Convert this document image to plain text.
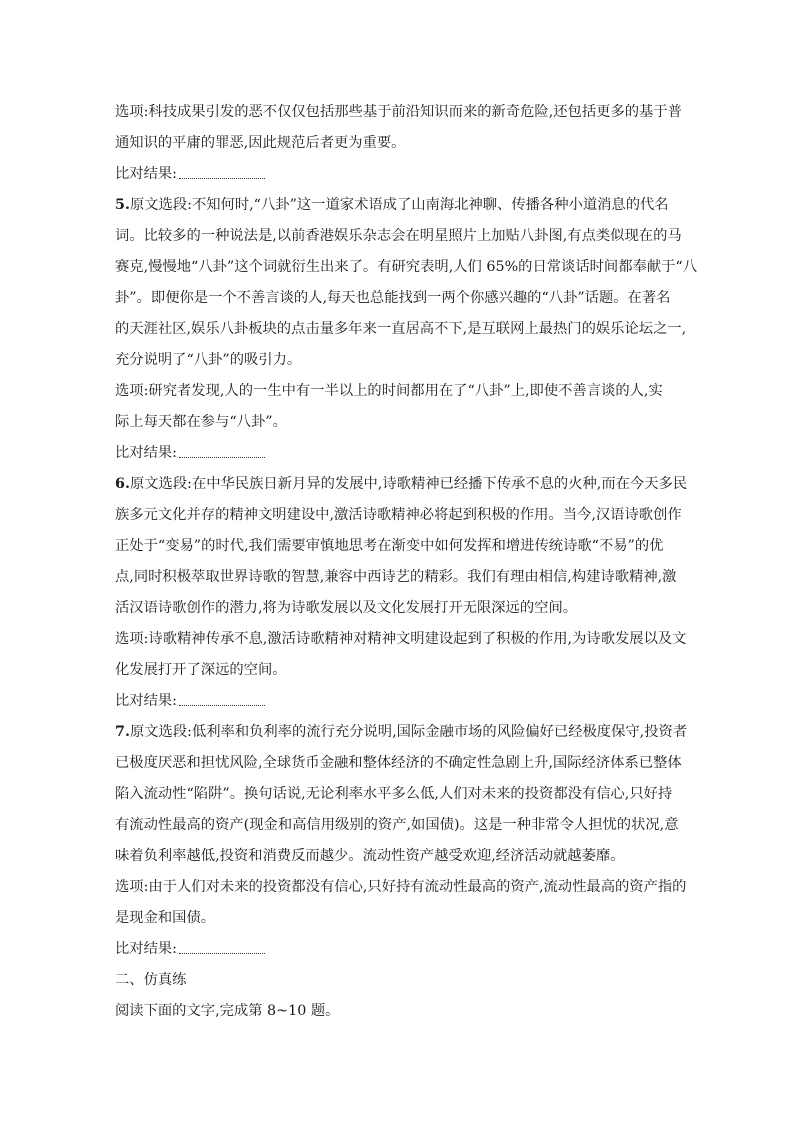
选项:科技成果引发的恶不仅仅包括那些基于前沿知识而来的新奇危险,还包括更多的基于普
通知识的平庸的罪恶,因此规范后者更为重要。
比对结果:
5.原文选段:不知何时,“八卦”这一道家术语成了山南海北神聊、传播各种小道消息的代名
词。比较多的一种说法是,以前香港娱乐杂志会在明星照片上加贴八卦图,有点类似现在的马
赛克,慢慢地“八卦”这个词就衍生出来了。有研究表明,人们 65%的日常谈话时间都奉献于“八
卦”。即便你是一个不善言谈的人,每天也总能找到一两个你感兴趣的“八卦”话题。在著名
的天涯社区,娱乐八卦板块的点击量多年来一直居高不下,是互联网上最热门的娱乐论坛之一,
充分说明了“八卦”的吸引力。
选项:研究者发现,人的一生中有一半以上的时间都用在了“八卦”上,即使不善言谈的人,实
际上每天都在参与“八卦”。
比对结果:
6.原文选段:在中华民族日新月异的发展中,诗歌精神已经播下传承不息的火种,而在今天多民
族多元文化并存的精神文明建设中,激活诗歌精神必将起到积极的作用。当今,汉语诗歌创作
正处于“变易”的时代,我们需要审慎地思考在渐变中如何发挥和增进传统诗歌“不易”的优
点,同时积极萃取世界诗歌的智慧,兼容中西诗艺的精彩。我们有理由相信,构建诗歌精神,激
活汉语诗歌创作的潜力,将为诗歌发展以及文化发展打开无限深远的空间。
选项:诗歌精神传承不息,激活诗歌精神对精神文明建设起到了积极的作用,为诗歌发展以及文
化发展打开了深远的空间。
比对结果:
7.原文选段:低利率和负利率的流行充分说明,国际金融市场的风险偏好已经极度保守,投资者
已极度厌恶和担忧风险,全球货币金融和整体经济的不确定性急剧上升,国际经济体系已整体
陷入流动性“陷阱”。换句话说,无论利率水平多么低,人们对未来的投资都没有信心,只好持
有流动性最高的资产(现金和高信用级别的资产,如国债)。这是一种非常令人担忧的状况,意
味着负利率越低,投资和消费反而越少。流动性资产越受欢迎,经济活动就越萎靡。
选项:由于人们对未来的投资都没有信心,只好持有流动性最高的资产,流动性最高的资产指的
是现金和国债。
比对结果:
二、仿真练
阅读下面的文字,完成第 8~10 题。
